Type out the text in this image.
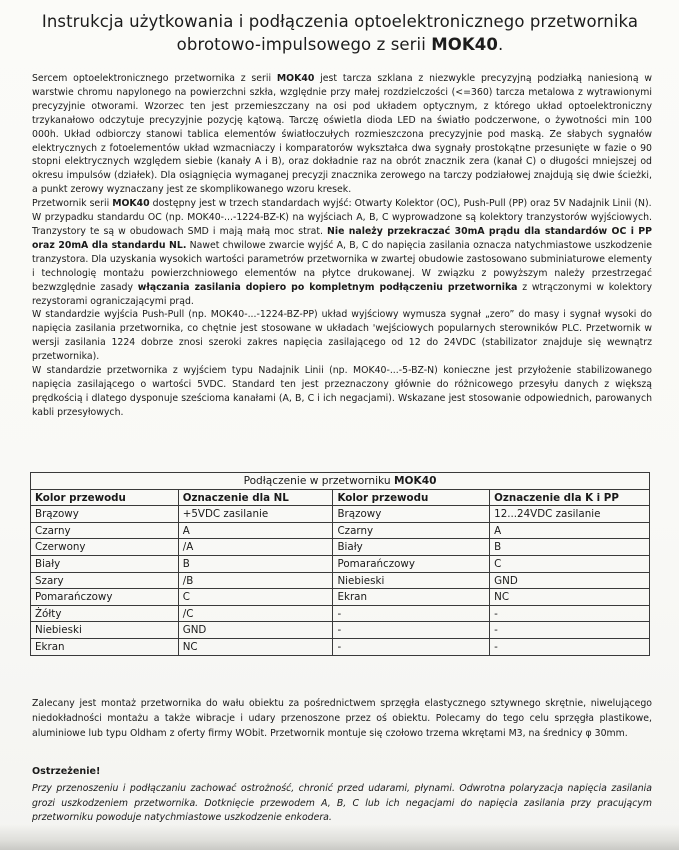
Instrukcja użytkowania i podłączenia optoelektronicznego przetwornika
obrotowo-impulsowego z serii MOK40.

Sercem optoelektronicznego przetwornika z serii MOK40 jest tarcza szklana z niezwykle precyzyjną podziałką naniesioną w warstwie chromu napylonego na powierzchni szkła, względnie przy małej rozdzielczości (<=360) tarcza metalowa z wytrawionymi precyzyjnie otworami. Wzorzec ten jest przemieszczany na osi pod układem optycznym, z którego układ optoelektroniczny trzykanałowo odczytuje precyzyjnie pozycję kątową. Tarczę oświetla dioda LED na światło podczerwone, o żywotności min 100 000h. Układ odbiorczy stanowi tablica elementów światłoczułych rozmieszczona precyzyjnie pod maską. Ze słabych sygnałów elektrycznych z fotoelementów układ wzmacniaczy i komparatorów wykształca dwa sygnały prostokątne przesunięte w fazie o 90 stopni elektrycznych względem siebie (kanały A i B), oraz dokładnie raz na obrót znacznik zera (kanał C) o długości mniejszej od okresu impulsów (działek). Dla osiągnięcia wymaganej precyzji znacznika zerowego na tarczy podziałowej znajdują się dwie ścieżki, a punkt zerowy wyznaczany jest ze skomplikowanego wzoru kresek.

Przetwornik serii MOK40 dostępny jest w trzech standardach wyjść: Otwarty Kolektor (OC), Push-Pull (PP) oraz 5V Nadajnik Linii (N).

W przypadku standardu OC (np. MOK40-...-1224-BZ-K) na wyjściach A, B, C wyprowadzone są kolektory tranzystorów wyjściowych. Tranzystory te są w obudowach SMD i mają małą moc strat. Nie należy przekraczać 30mA prądu dla standardów OC i PP oraz 20mA dla standardu NL. Nawet chwilowe zwarcie wyjść A, B, C do napięcia zasilania oznacza natychmiastowe uszkodzenie tranzystora. Dla uzyskania wysokich wartości parametrów przetwornika w zwartej obudowie zastosowano subminiaturowe elementy i technologię montażu powierzchniowego elementów na płytce drukowanej. W związku z powyższym należy przestrzegać bezwzględnie zasady włączania zasilania dopiero po kompletnym podłączeniu przetwornika z wtrączonymi w kolektory rezystorami ograniczającymi prąd.

W standardzie wyjścia Push-Pull (np. MOK40-...-1224-BZ-PP) układ wyjściowy wymusza sygnał „zero” do masy i sygnał wysoki do napięcia zasilania przetwornika, co chętnie jest stosowane w układach 'wejściowych popularnych sterowników PLC. Przetwornik w wersji zasilania 1224 dobrze znosi szeroki zakres napięcia zasilającego od 12 do 24VDC (stabilizator znajduje się wewnątrz przetwornika).

W standardzie przetwornika z wyjściem typu Nadajnik Linii (np. MOK40-...-5-BZ-N) konieczne jest przyłożenie stabilizowanego napięcia zasilającego o wartości 5VDC. Standard ten jest przeznaczony głównie do różnicowego przesyłu danych z większą prędkością i dlatego dysponuje sześcioma kanałami (A, B, C i ich negacjami). Wskazane jest stosowanie odpowiednich, parowanych kabli przesyłowych.

Podłączenie w przetworniku MOK40			
Kolor przewodu	Oznaczenie dla NL	Kolor przewodu	Oznaczenie dla K i PP
Brązowy	+5VDC zasilanie	Brązowy	12...24VDC zasilanie
Czarny	A	Czarny	A
Czerwony	/A	Biały	B
Biały	B	Pomarańczowy	C
Szary	/B	Niebieski	GND
Pomarańczowy	C	Ekran	NC
Żółty	/C	-	-
Niebieski	GND	-	-
Ekran	NC	-	-

Zalecany jest montaż przetwornika do wału obiektu za pośrednictwem sprzęgła elastycznego sztywnego skrętnie, niwelującego niedokładności montażu a także wibracje i udary przenoszone przez oś obiektu. Polecamy do tego celu sprzęgła plastikowe, aluminiowe lub typu Oldham z oferty firmy WObit. Przetwornik montuje się czołowo trzema wkrętami M3, na średnicy φ 30mm.

Ostrzeżenie!
Przy przenoszeniu i podłączaniu zachować ostrożność, chronić przed udarami, płynami. Odwrotna polaryzacja napięcia zasilania grozi uszkodzeniem przetwornika. Dotknięcie przewodem A, B, C lub ich negacjami do napięcia zasilania przy pracującym przetworniku powoduje natychmiastowe uszkodzenie enkodera.
